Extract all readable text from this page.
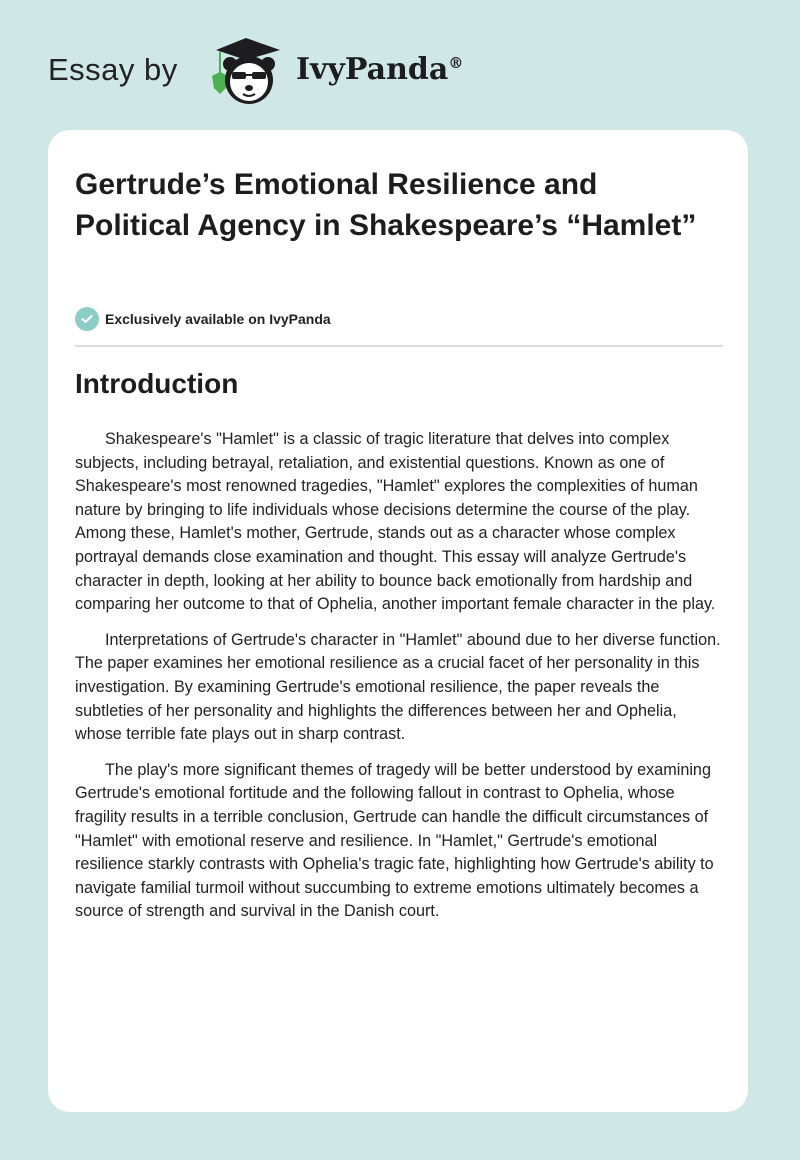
Essay by	IvyPanda®
Gertrude’s Emotional Resilience and Political Agency in Shakespeare’s “Hamlet”
Exclusively available on IvyPanda
Introduction

Shakespeare's "Hamlet" is a classic of tragic literature that delves into complex subjects, including betrayal, retaliation, and existential questions. Known as one of Shakespeare's most renowned tragedies, "Hamlet" explores the complexities of human nature by bringing to life individuals whose decisions determine the course of the play. Among these, Hamlet's mother, Gertrude, stands out as a character whose complex portrayal demands close examination and thought. This essay will analyze Gertrude's character in depth, looking at her ability to bounce back emotionally from hardship and comparing her outcome to that of Ophelia, another important female character in the play.

Interpretations of Gertrude's character in "Hamlet" abound due to her diverse function. The paper examines her emotional resilience as a crucial facet of her personality in this investigation. By examining Gertrude's emotional resilience, the paper reveals the subtleties of her personality and highlights the differences between her and Ophelia, whose terrible fate plays out in sharp contrast.

The play's more significant themes of tragedy will be better understood by examining Gertrude's emotional fortitude and the following fallout in contrast to Ophelia, whose fragility results in a terrible conclusion, Gertrude can handle the difficult circumstances of "Hamlet" with emotional reserve and resilience. In "Hamlet," Gertrude's emotional resilience starkly contrasts with Ophelia's tragic fate, highlighting how Gertrude's ability to navigate familial turmoil without succumbing to extreme emotions ultimately becomes a source of strength and survival in the Danish court.
